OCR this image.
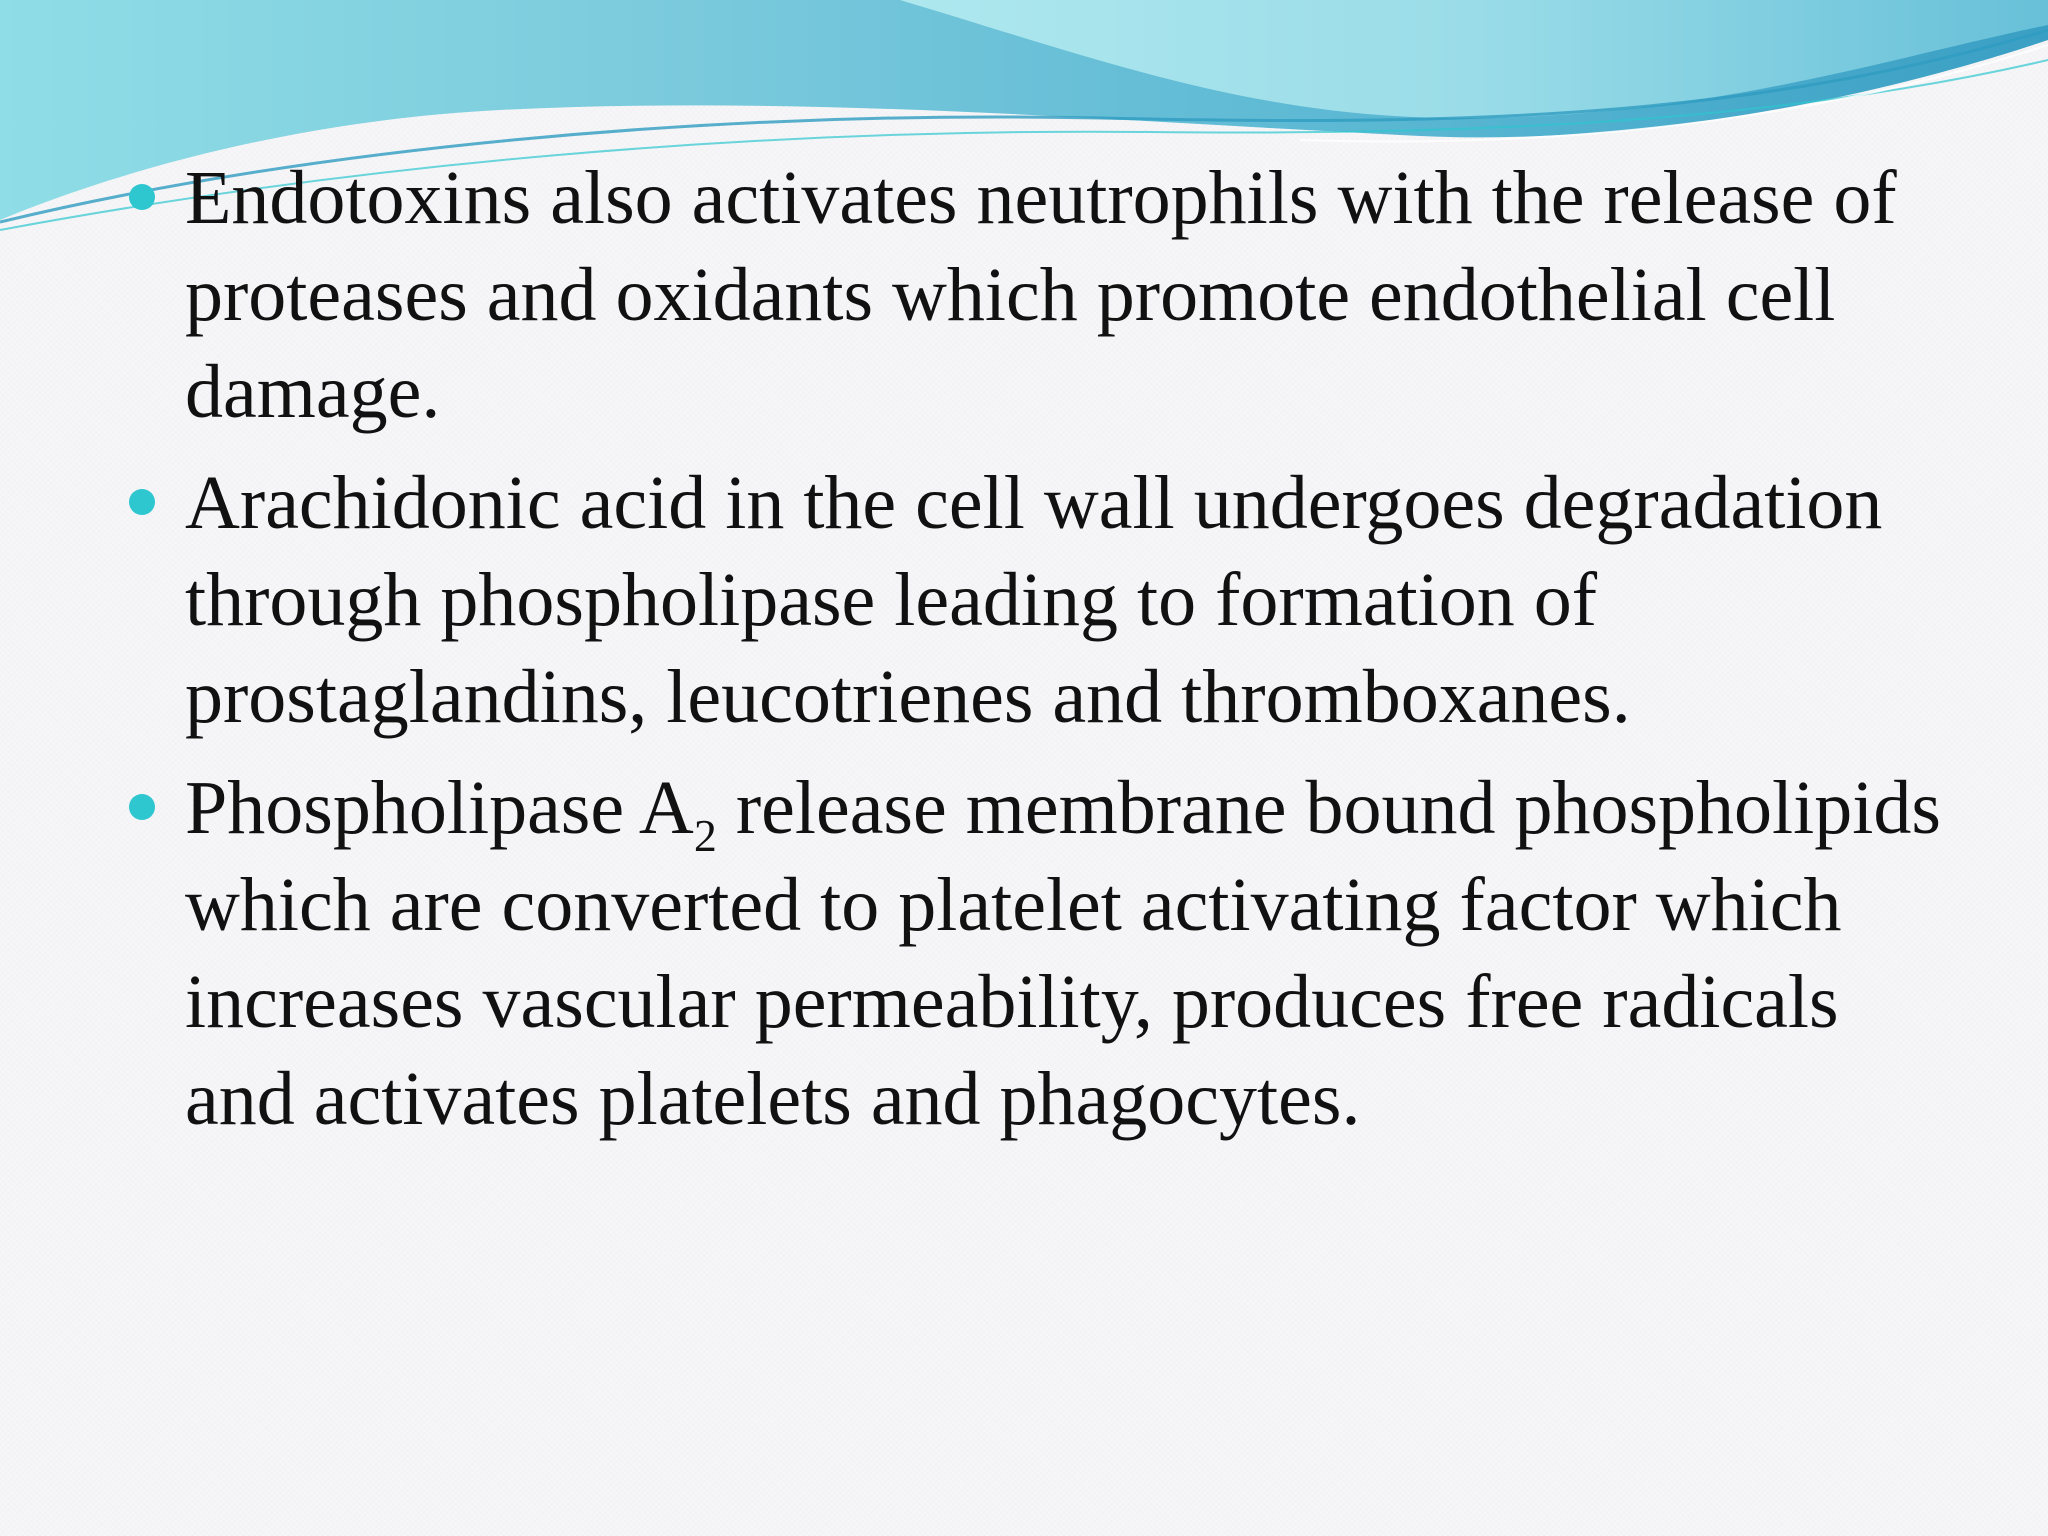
Endotoxins also activates neutrophils with the release of proteases and oxidants which promote endothelial cell damage.
Arachidonic acid in the cell wall undergoes degradation through phospholipase leading to formation of prostaglandins, leucotrienes and thromboxanes.
Phospholipase $A_2$ release membrane bound phospholipids which are converted to platelet activating factor which increases vascular permeability, produces free radicals and activates platelets and phagocytes.
